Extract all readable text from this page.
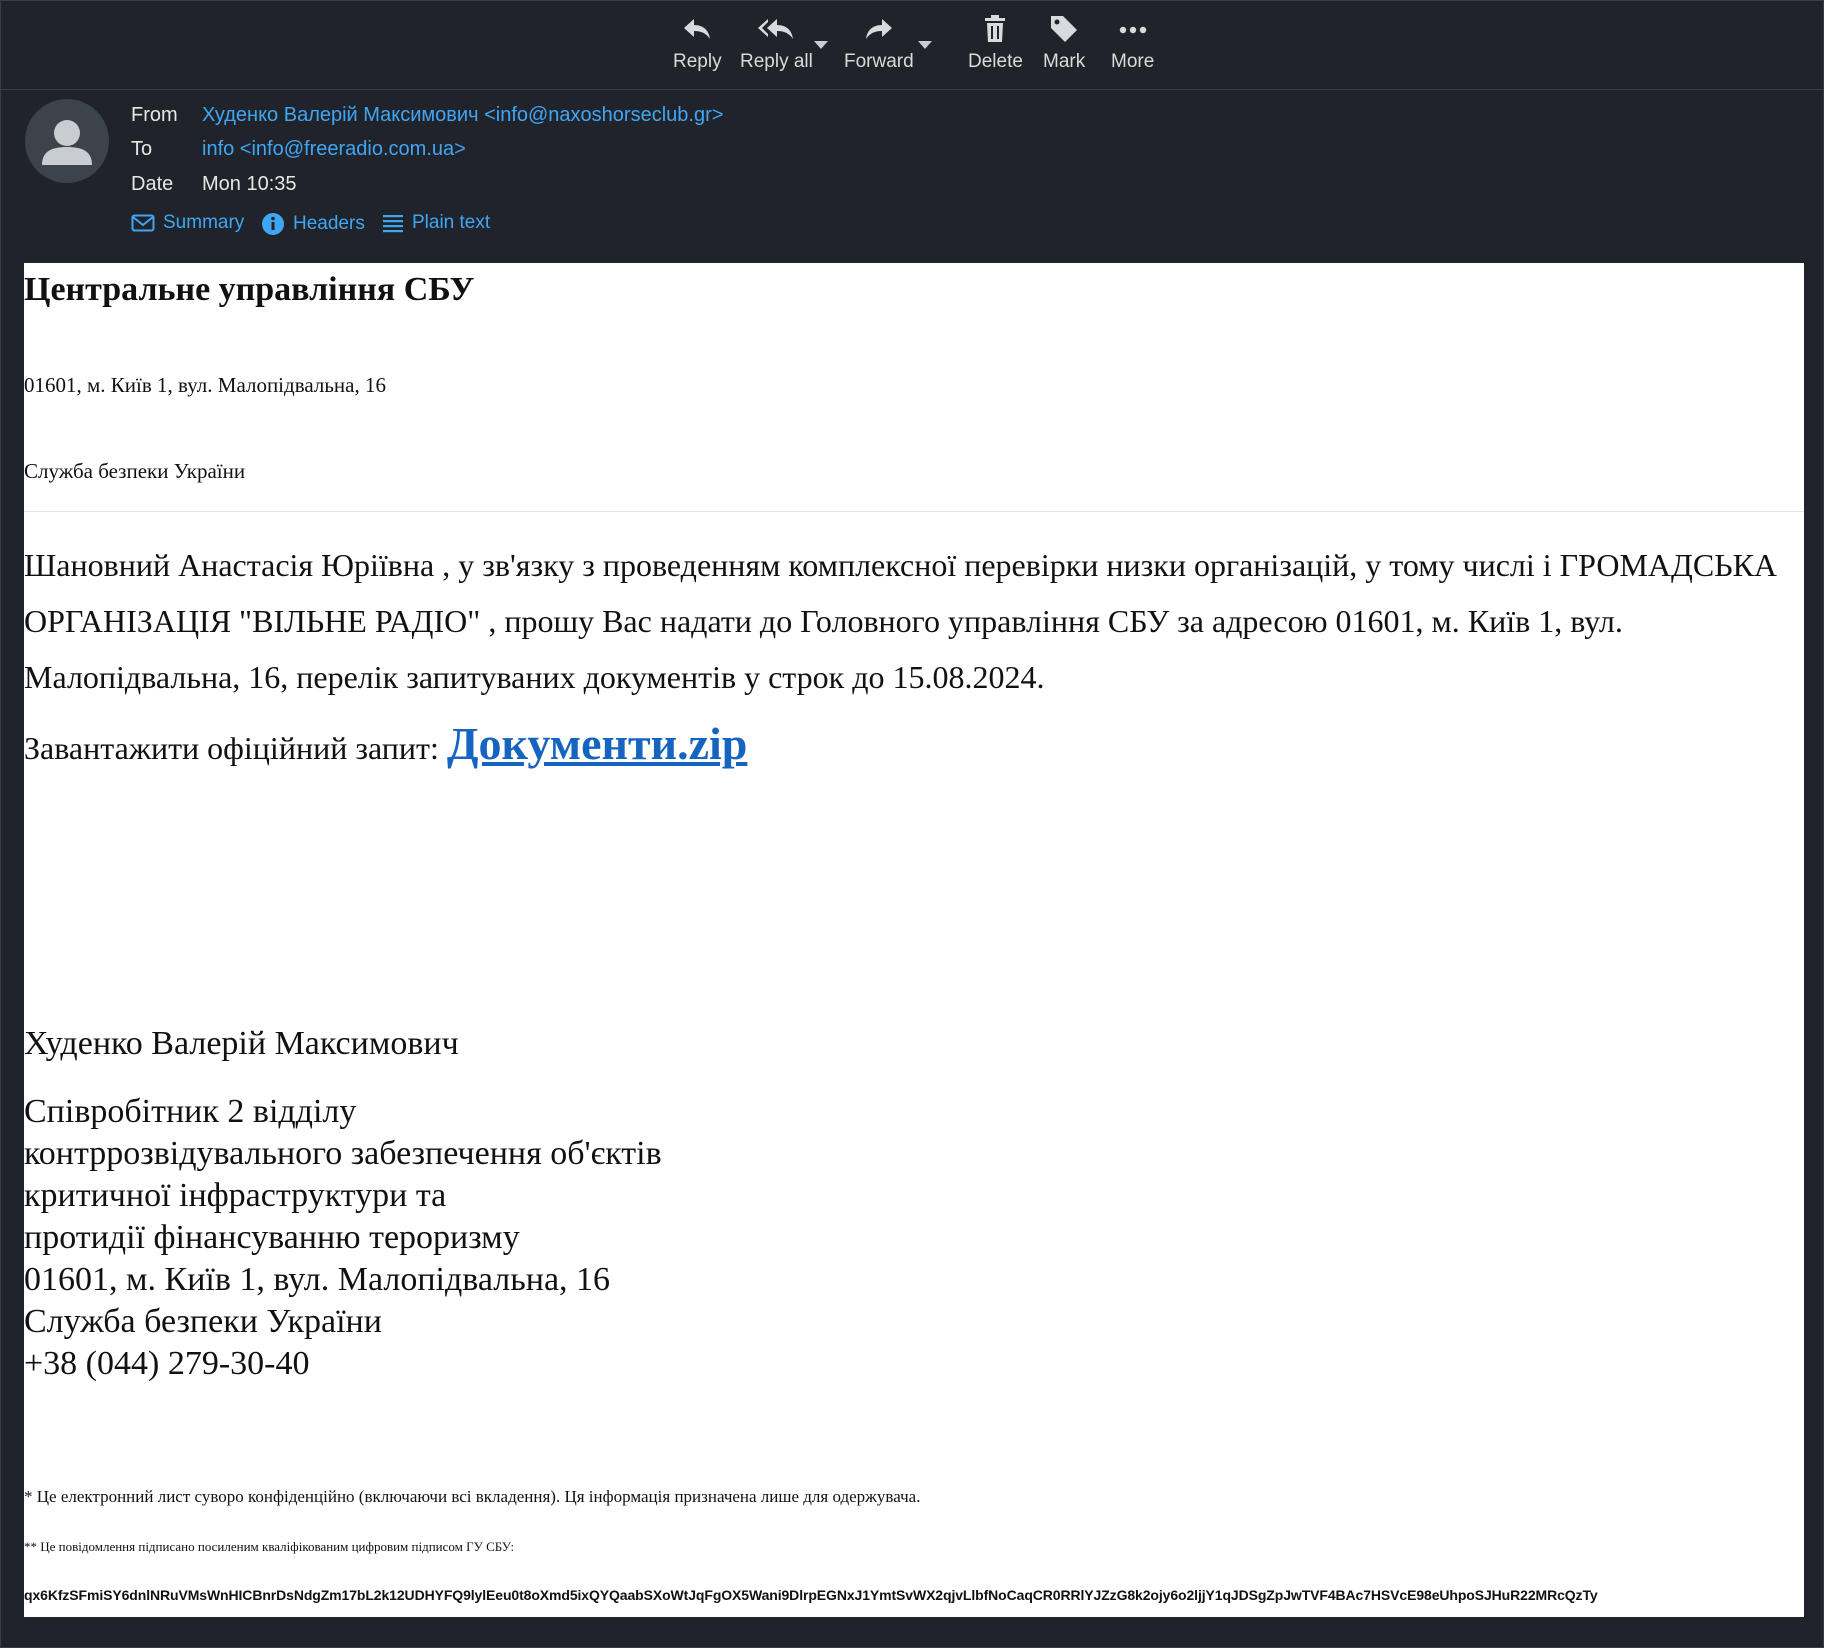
Reply Reply all Forward	Delete Mark More
From Худенко Валерій Максимович <info@naxoshorseclub.gr>
To info <info@freeradio.com.ua>
Date Mon 10:35
Summary	Headers Plain text
Центральне управління СБУ
01601, м. Київ 1, вул. Малопідвальна, 16
Служба безпеки України
Шановний Анастасія Юріївна , у зв'язку з проведенням комплексної перевірки низки організацій, у тому числі і ГРОМАДСЬКА ОРГАНІЗАЦІЯ "ВІЛЬНЕ РАДІО" , прошу Вас надати до Головного управління СБУ за адресою 01601, м. Київ 1, вул. Малопідвальна, 16, перелік запитуваних документів у строк до 15.08.2024.
Завантажити офіційний запит: Документи.zip
Худенко Валерій Максимович
Співробітник 2 відділу
контррозвідувального забезпечення об'єктів
критичної інфраструктури та
протидії фінансуванню тероризму
01601, м. Київ 1, вул. Малопідвальна, 16
Служба безпеки України
+38 (044) 279-30-40
* Це електронний лист суворо конфіденційно (включаючи всі вкладення). Ця інформація призначена лише для одержувача.
** Це повідомлення підписано посиленим кваліфікованим цифровим підписом ГУ СБУ:
qx6KfzSFmiSY6dnlNRuVMsWnHICBnrDsNdgZm17bL2k12UDHYFQ9lylEeu0t8oXmd5ixQYQaabSXoWtJqFgOX5Wani9DlrpEGNxJ1YmtSvWX2qjvLlbfNoCaqCR0RRlYJZzG8k2ojy6o2ljjY1qJDSgZpJwTVF4BAc7HSVcE98eUhpoSJHuR22MRcQzTy
